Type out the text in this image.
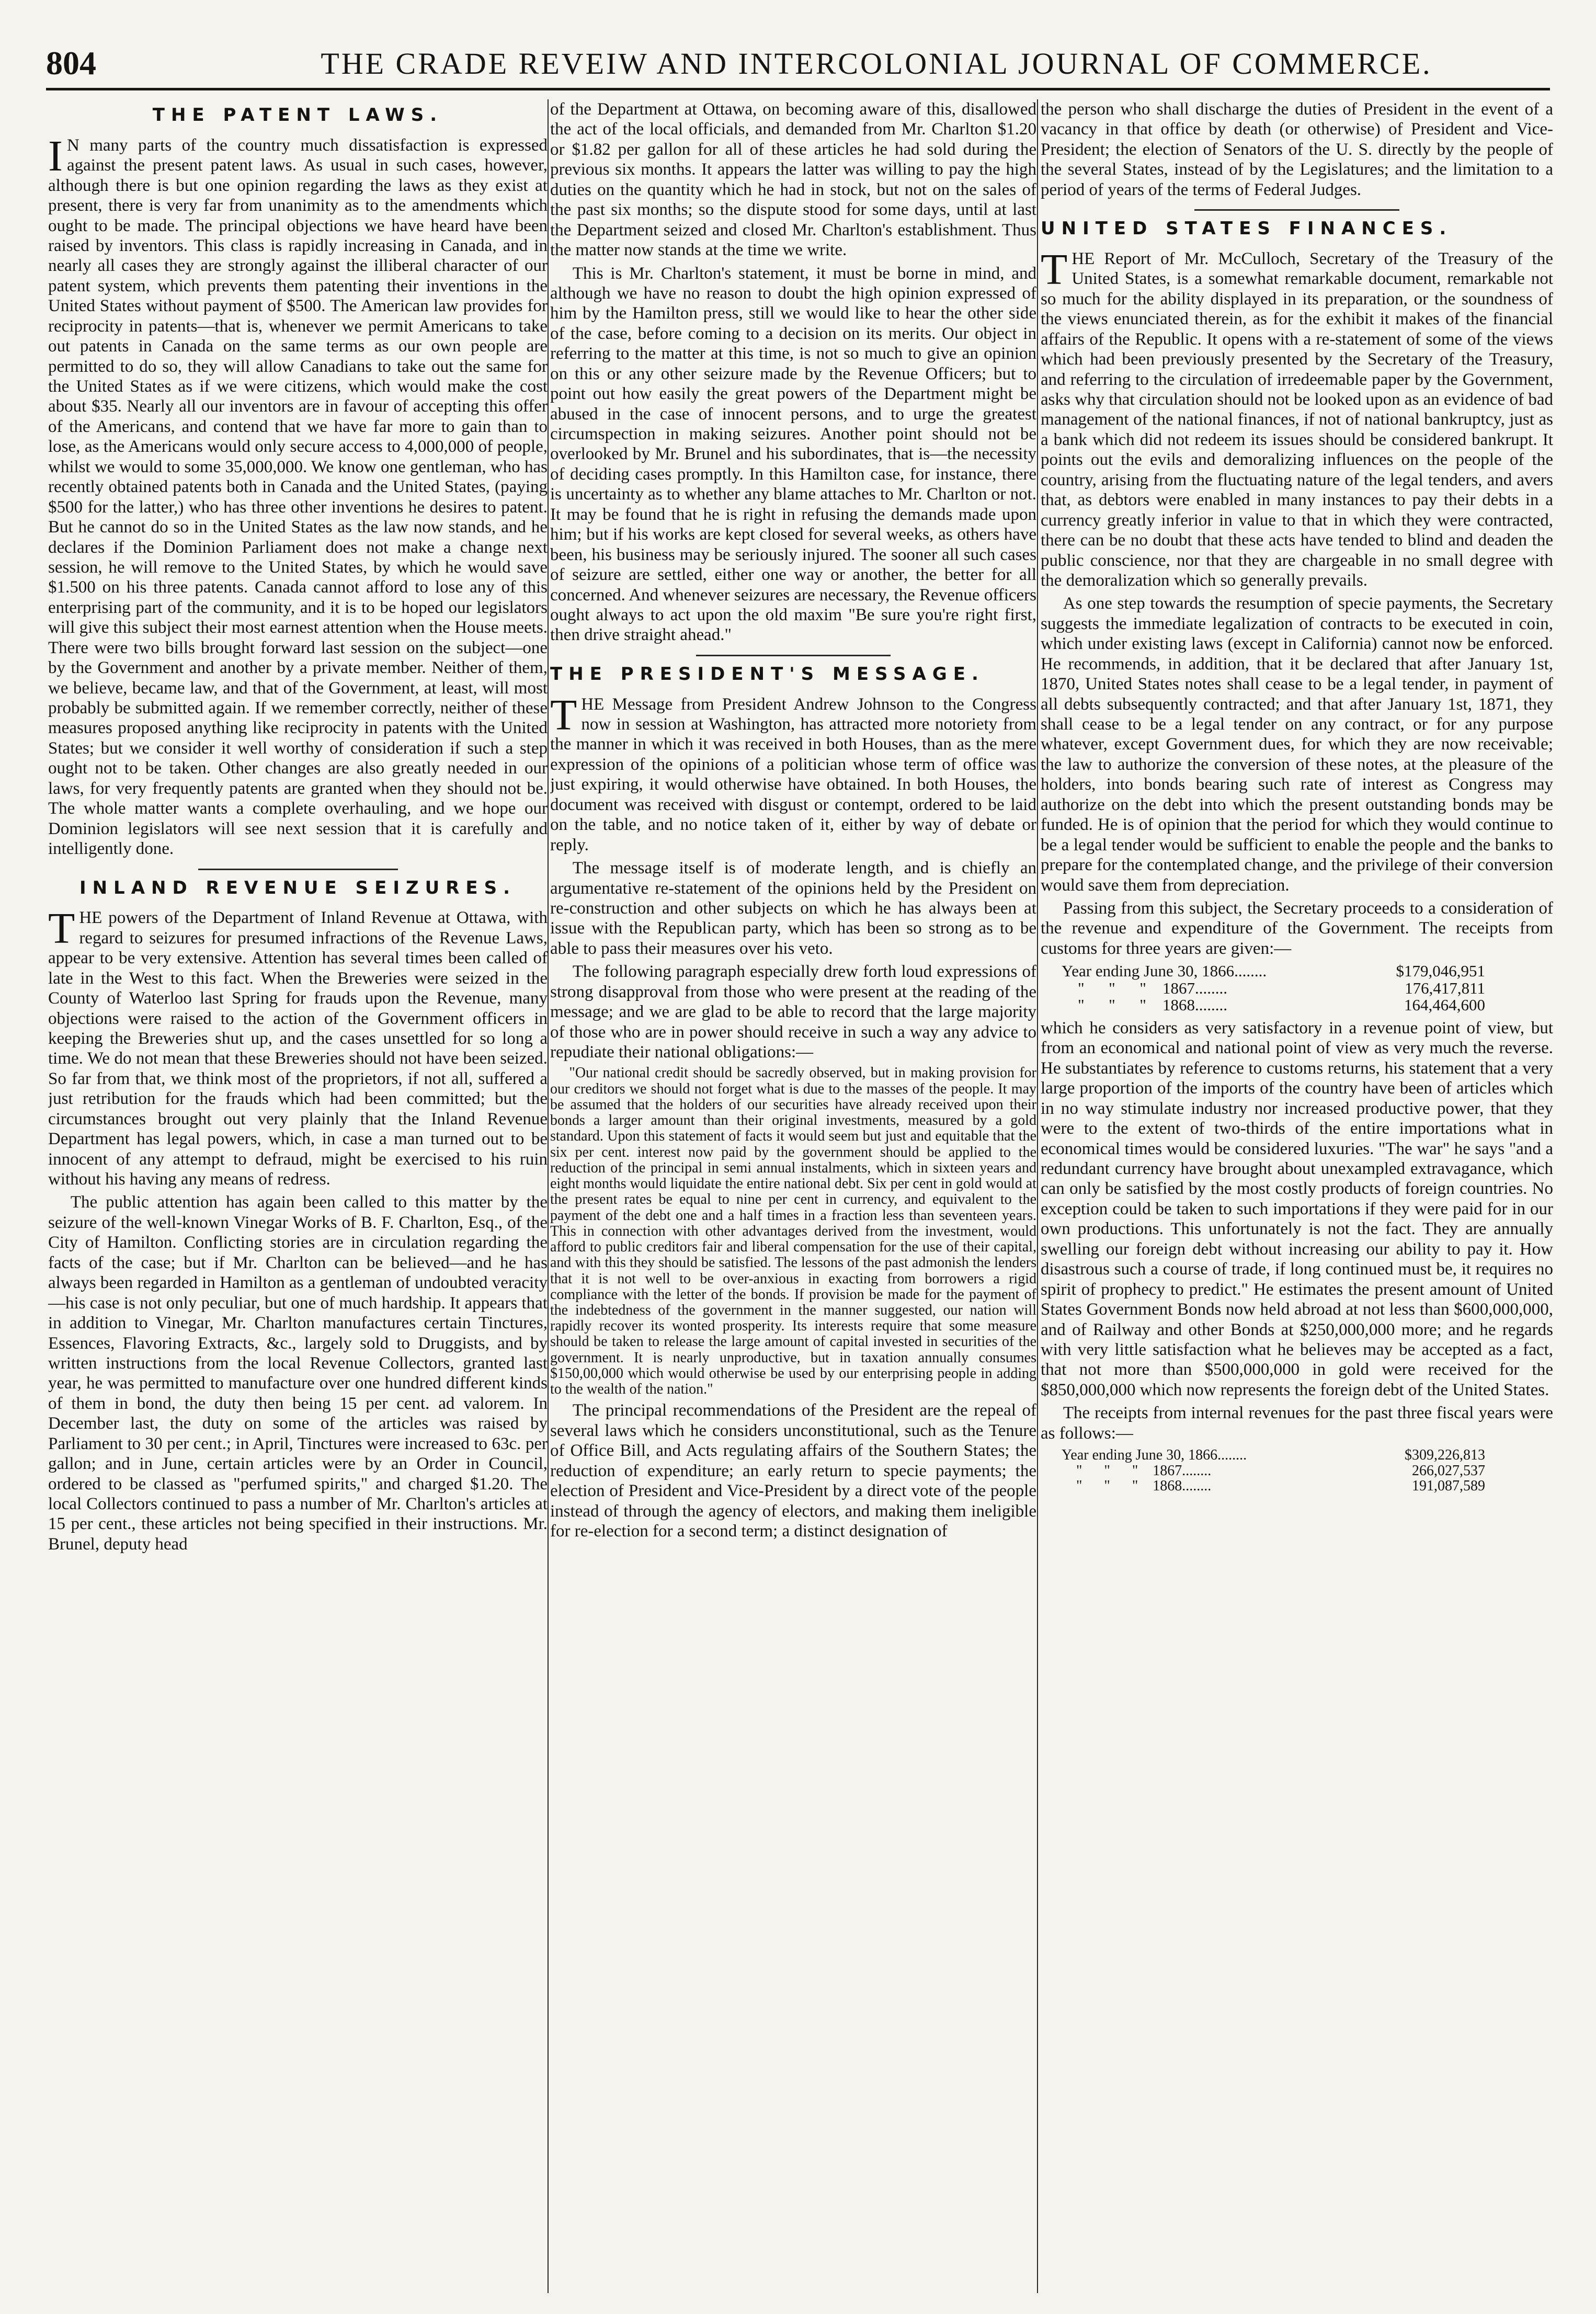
804	THE CRADE REVEIW AND INTERCOLONIAL JOURNAL OF COMMERCE.
THE PATENT LAWS.

I N many parts of the country much dissatisfaction is expressed against the present patent laws. As usual in such cases, however, although there is but one opinion regarding the laws as they exist at present, there is very far from unanimity as to the amendments which ought to be made. The principal objections we have heard have been raised by inventors. This class is rapidly increasing in Canada, and in nearly all cases they are strongly against the illiberal character of our patent system, which prevents them patenting their inventions in the United States without payment of $500. The American law provides for reciprocity in patents—that is, whenever we permit Americans to take out patents in Canada on the same terms as our own people are permitted to do so, they will allow Canadians to take out the same for the United States as if we were citizens, which would make the cost about $35. Nearly all our inventors are in favour of accepting this offer of the Americans, and contend that we have far more to gain than to lose, as the Americans would only secure access to 4,000,000 of people, whilst we would to some 35,000,000. We know one gentleman, who has recently obtained patents both in Canada and the United States, (paying $500 for the latter,) who has three other inventions he desires to patent. But he cannot do so in the United States as the law now stands, and he declares if the Dominion Parliament does not make a change next session, he will remove to the United States, by which he would save $1.500 on his three patents. Canada cannot afford to lose any of this enterprising part of the community, and it is to be hoped our legislators will give this subject their most earnest attention when the House meets. There were two bills brought forward last session on the subject—one by the Government and another by a private member. Neither of them, we believe, became law, and that of the Government, at least, will most probably be submitted again. If we remember correctly, neither of these measures proposed anything like reciprocity in patents with the United States; but we consider it well worthy of consideration if such a step ought not to be taken. Other changes are also greatly needed in our laws, for very frequently patents are granted when they should not be. The whole matter wants a complete overhauling, and we hope our Dominion legislators will see next session that it is carefully and intelligently done.

INLAND REVENUE SEIZURES.

THE powers of the Department of Inland Revenue at Ottawa, with regard to seizures for presumed infractions of the Revenue Laws, appear to be very extensive. Attention has several times been called of late in the West to this fact. When the Breweries were seized in the County of Waterloo last Spring for frauds upon the Revenue, many objections were raised to the action of the Government officers in keeping the Breweries shut up, and the cases unsettled for so long a time. We do not mean that these Breweries should not have been seized. So far from that, we think most of the proprietors, if not all, suffered a just retribution for the frauds which had been committed; but the circumstances brought out very plainly that the Inland Revenue Department has legal powers, which, in case a man turned out to be innocent of any attempt to defraud, might be exercised to his ruin without his having any means of redress.

The public attention has again been called to this matter by the seizure of the well-known Vinegar Works of B. F. Charlton, Esq., of the City of Hamilton. Conflicting stories are in circulation regarding the facts of the case; but if Mr. Charlton can be believed—and he has always been regarded in Hamilton as a gentleman of undoubted veracity—his case is not only peculiar, but one of much hardship. It appears that in addition to Vinegar, Mr. Charlton manufactures certain Tinctures, Essences, Flavoring Extracts, &c., largely sold to Druggists, and by written instructions from the local Revenue Collectors, granted last year, he was permitted to manufacture over one hundred different kinds of them in bond, the duty then being 15 per cent. ad valorem. In December last, the duty on some of the articles was raised by Parliament to 30 per cent.; in April, Tinctures were increased to 63c. per gallon; and in June, certain articles were by an Order in Council, ordered to be classed as "perfumed spirits," and charged $1.20. The local Collectors continued to pass a number of Mr. Charlton's articles at 15 per cent., these articles not being specified in their instructions. Mr. Brunel, deputy head

of the Department at Ottawa, on becoming aware of this, disallowed the act of the local officials, and demanded from Mr. Charlton $1.20 or $1.82 per gallon for all of these articles he had sold during the previous six months. It appears the latter was willing to pay the high duties on the quantity which he had in stock, but not on the sales of the past six months; so the dispute stood for some days, until at last the Department seized and closed Mr. Charlton's establishment. Thus the matter now stands at the time we write.

This is Mr. Charlton's statement, it must be borne in mind, and although we have no reason to doubt the high opinion expressed of him by the Hamilton press, still we would like to hear the other side of the case, before coming to a decision on its merits. Our object in referring to the matter at this time, is not so much to give an opinion on this or any other seizure made by the Revenue Officers; but to point out how easily the great powers of the Department might be abused in the case of innocent persons, and to urge the greatest circumspection in making seizures. Another point should not be overlooked by Mr. Brunel and his subordinates, that is—the necessity of deciding cases promptly. In this Hamilton case, for instance, there is uncertainty as to whether any blame attaches to Mr. Charlton or not. It may be found that he is right in refusing the demands made upon him; but if his works are kept closed for several weeks, as others have been, his business may be seriously injured. The sooner all such cases of seizure are settled, either one way or another, the better for all concerned. And whenever seizures are necessary, the Revenue officers ought always to act upon the old maxim "Be sure you're right first, then drive straight ahead."

THE PRESIDENT'S MESSAGE.

THE Message from President Andrew Johnson to the Congress now in session at Washington, has attracted more notoriety from the manner in which it was received in both Houses, than as the mere expression of the opinions of a politician whose term of office was just expiring, it would otherwise have obtained. In both Houses, the document was received with disgust or contempt, ordered to be laid on the table, and no notice taken of it, either by way of debate or reply.

The message itself is of moderate length, and is chiefly an argumentative re-statement of the opinions held by the President on re-construction and other subjects on which he has always been at issue with the Republican party, which has been so strong as to be able to pass their measures over his veto.

The following paragraph especially drew forth loud expressions of strong disapproval from those who were present at the reading of the message; and we are glad to be able to record that the large majority of those who are in power should receive in such a way any advice to repudiate their national obligations:—

"Our national credit should be sacredly observed, but in making provision for our creditors we should not forget what is due to the masses of the people. It may be assumed that the holders of our securities have already received upon their bonds a larger amount than their original investments, measured by a gold standard. Upon this statement of facts it would seem but just and equitable that the six per cent. interest now paid by the government should be applied to the reduction of the principal in semi annual instalments, which in sixteen years and eight months would liquidate the entire national debt. Six per cent in gold would at the present rates be equal to nine per cent in currency, and equivalent to the payment of the debt one and a half times in a fraction less than seventeen years. This in connection with other advantages derived from the investment, would afford to public creditors fair and liberal compensation for the use of their capital, and with this they should be satisfied. The lessons of the past admonish the lenders that it is not well to be over-anxious in exacting from borrowers a rigid compliance with the letter of the bonds. If provision be made for the payment of the indebtedness of the government in the manner suggested, our nation will rapidly recover its wonted prosperity. Its interests require that some measure should be taken to release the large amount of capital invested in securities of the government. It is nearly unproductive, but in taxation annually consumes $150,00,000 which would otherwise be used by our enterprising people in adding to the wealth of the nation."

The principal recommendations of the President are the repeal of several laws which he considers unconstitutional, such as the Tenure of Office Bill, and Acts regulating affairs of the Southern States; the reduction of expenditure; an early return to specie payments; the election of President and Vice-President by a direct vote of the people instead of through the agency of electors, and making them ineligible for re-election for a second term; a distinct designation of

the person who shall discharge the duties of President in the event of a vacancy in that office by death (or otherwise) of President and Vice-President; the election of Senators of the U. S. directly by the people of the several States, instead of by the Legislatures; and the limitation to a period of years of the terms of Federal Judges.

UNITED STATES FINANCES.

THE Report of Mr. McCulloch, Secretary of the Treasury of the United States, is a somewhat remarkable document, remarkable not so much for the ability displayed in its preparation, or the soundness of the views enunciated therein, as for the exhibit it makes of the financial affairs of the Republic. It opens with a re-statement of some of the views which had been previously presented by the Secretary of the Treasury, and referring to the circulation of irredeemable paper by the Government, asks why that circulation should not be looked upon as an evidence of bad management of the national finances, if not of national bankruptcy, just as a bank which did not redeem its issues should be considered bankrupt. It points out the evils and demoralizing influences on the people of the country, arising from the fluctuating nature of the legal tenders, and avers that, as debtors were enabled in many instances to pay their debts in a currency greatly inferior in value to that in which they were contracted, there can be no doubt that these acts have tended to blind and deaden the public conscience, nor that they are chargeable in no small degree with the demoralization which so generally prevails.

As one step towards the resumption of specie payments, the Secretary suggests the immediate legalization of contracts to be executed in coin, which under existing laws (except in California) cannot now be enforced. He recommends, in addition, that it be declared that after January 1st, 1870, United States notes shall cease to be a legal tender, in payment of all debts subsequently contracted; and that after January 1st, 1871, they shall cease to be a legal tender on any contract, or for any purpose whatever, except Government dues, for which they are now receivable; the law to authorize the conversion of these notes, at the pleasure of the holders, into bonds bearing such rate of interest as Congress may authorize on the debt into which the present outstanding bonds may be funded. He is of opinion that the period for which they would continue to be a legal tender would be sufficient to enable the people and the banks to prepare for the contemplated change, and the privilege of their conversion would save them from depreciation.

Passing from this subject, the Secretary proceeds to a consideration of the revenue and expenditure of the Government. The receipts from customs for three years are given:—

Year ending June 30, 1866........	$179,046,951
"      "      "    1867........	176,417,811
"      "      "    1868........	164,464,600

which he considers as very satisfactory in a revenue point of view, but from an economical and national point of view as very much the reverse. He substantiates by reference to customs returns, his statement that a very large proportion of the imports of the country have been of articles which in no way stimulate industry nor increased productive power, that they were to the extent of two-thirds of the entire importations what in economical times would be considered luxuries. "The war" he says "and a redundant currency have brought about unexampled extravagance, which can only be satisfied by the most costly products of foreign countries. No exception could be taken to such importations if they were paid for in our own productions. This unfortunately is not the fact. They are annually swelling our foreign debt without increasing our ability to pay it. How disastrous such a course of trade, if long continued must be, it requires no spirit of prophecy to predict." He estimates the present amount of United States Government Bonds now held abroad at not less than $600,000,000, and of Railway and other Bonds at $250,000,000 more; and he regards with very little satisfaction what he believes may be accepted as a fact, that not more than $500,000,000 in gold were received for the $850,000,000 which now represents the foreign debt of the United States.

The receipts from internal revenues for the past three fiscal years were as follows:—

Year ending June 30, 1866........	$309,226,813
"      "      "    1867........	266,027,537
"      "      "    1868........	191,087,589
